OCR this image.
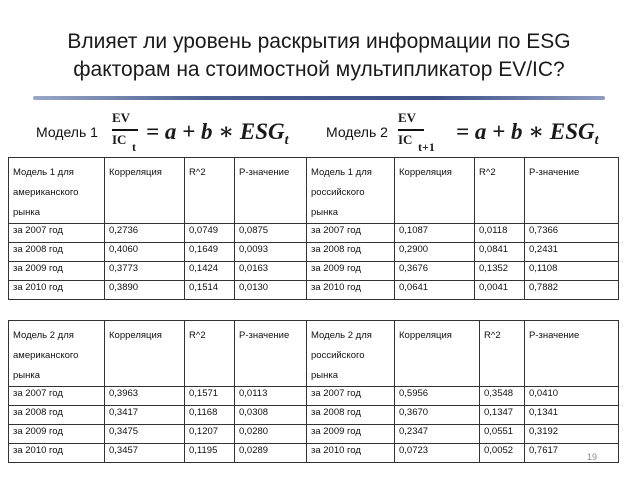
Влияет ли уровень раскрытия информации по ESG
факторам на стоимостной мультипликатор EV/IC?
Модель 1
EV
IC t
= a + b ∗ $ESG_t$
Модель 2
EV
IC t+1
= a + b ∗ $ESG_t$
Модель 1 для
американского
рынка	Корреляция	R^2	P-значение	Модель 1 для
российского
рынка	Корреляция	R^2	P-значение
за 2007 год	0,2736	0,0749	0,0875	за 2007 год	0,1087	0,0118	0,7366
за 2008 год	0,4060	0,1649	0,0093	за 2008 год	0,2900	0,0841	0,2431
за 2009 год	0,3773	0,1424	0,0163	за 2009 год	0,3676	0,1352	0,1108
за 2010 год	0,3890	0,1514	0,0130	за 2010 год	0,0641	0,0041	0,7882
Модель 2 для
американского
рынка	Корреляция	R^2	P-значение	Модель 2 для
российского
рынка	Корреляция	R^2	P-значение
за 2007 год	0,3963	0,1571	0,0113	за 2007 год	0,5956	0,3548	0,0410
за 2008 год	0,3417	0,1168	0,0308	за 2008 год	0,3670	0,1347	0,1341
за 2009 год	0,3475	0,1207	0,0280	за 2009 год	0,2347	0,0551	0,3192
за 2010 год	0,3457	0,1195	0,0289	за 2010 год	0,0723	0,0052	0,7617
19
